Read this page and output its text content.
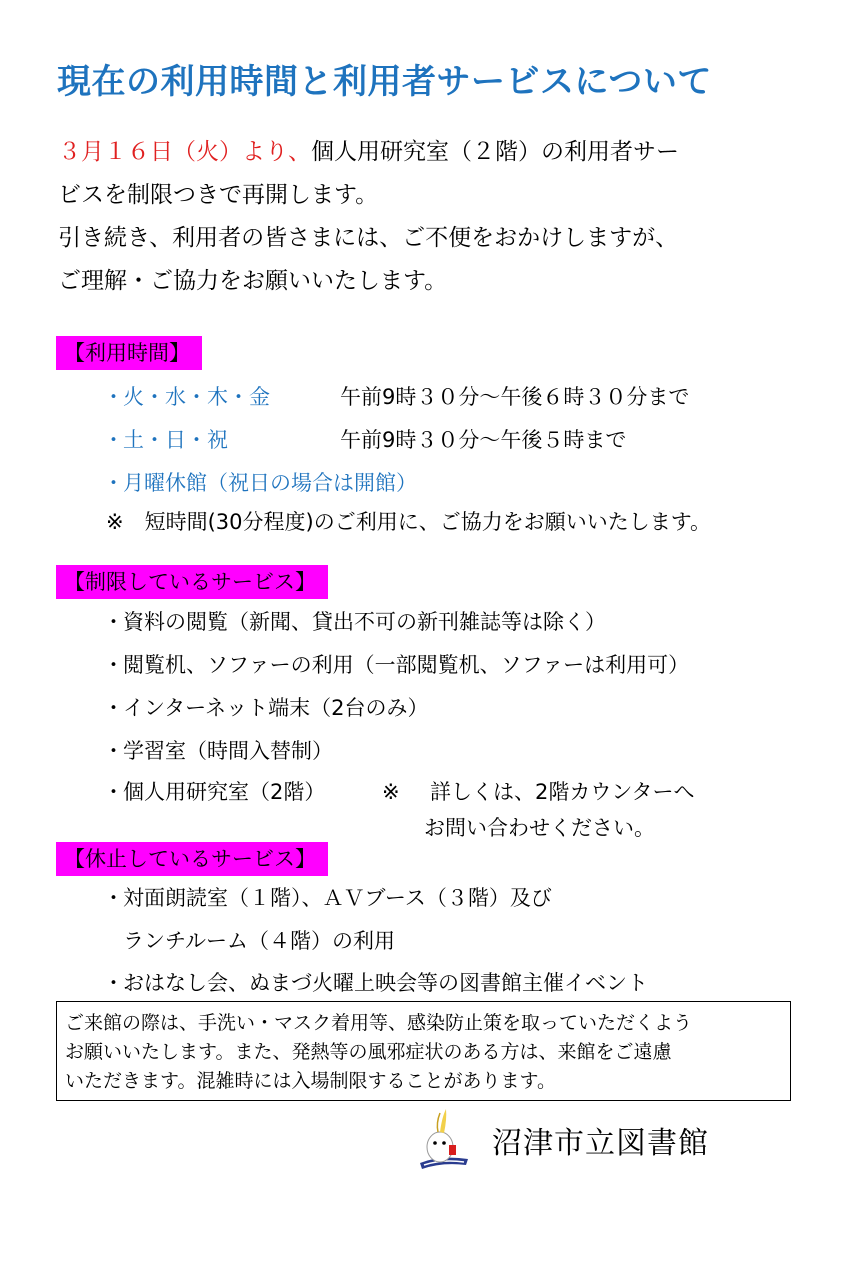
現在の利用時間と利用者サービスについて
３月１６日（火）より、個人用研究室（２階）の利用者サー
ビスを制限つきで再開します。
引き続き、利用者の皆さまには、ご不便をおかけしますが、
ご理解・ご協力をお願いいたします。
【利用時間】
・火・水・木・金	午前9時３０分～午後６時３０分まで
・土・日・祝	午前9時３０分～午後５時まで
・月曜休館（祝日の場合は開館）
※　短時間(30分程度)のご利用に、ご協力をお願いいたします。
【制限しているサービス】
・資料の閲覧（新聞、貸出不可の新刊雑誌等は除く）
・閲覧机、ソファーの利用（一部閲覧机、ソファーは利用可）
・インターネット端末（2台のみ）
・学習室（時間入替制）
・個人用研究室（2階）	※ 詳しくは、2階カウンターへ
お問い合わせください。
【休止しているサービス】
・対面朗読室（１階）、ＡＶブース（３階）及び
ランチルーム（４階）の利用
・おはなし会、ぬまづ火曜上映会等の図書館主催イベント
ご来館の際は、手洗い・マスク着用等、感染防止策を取っていただくよう
お願いいたします。また、発熱等の風邪症状のある方は、来館をご遠慮
いただきます。混雑時には入場制限することがあります。
沼津市立図書館
